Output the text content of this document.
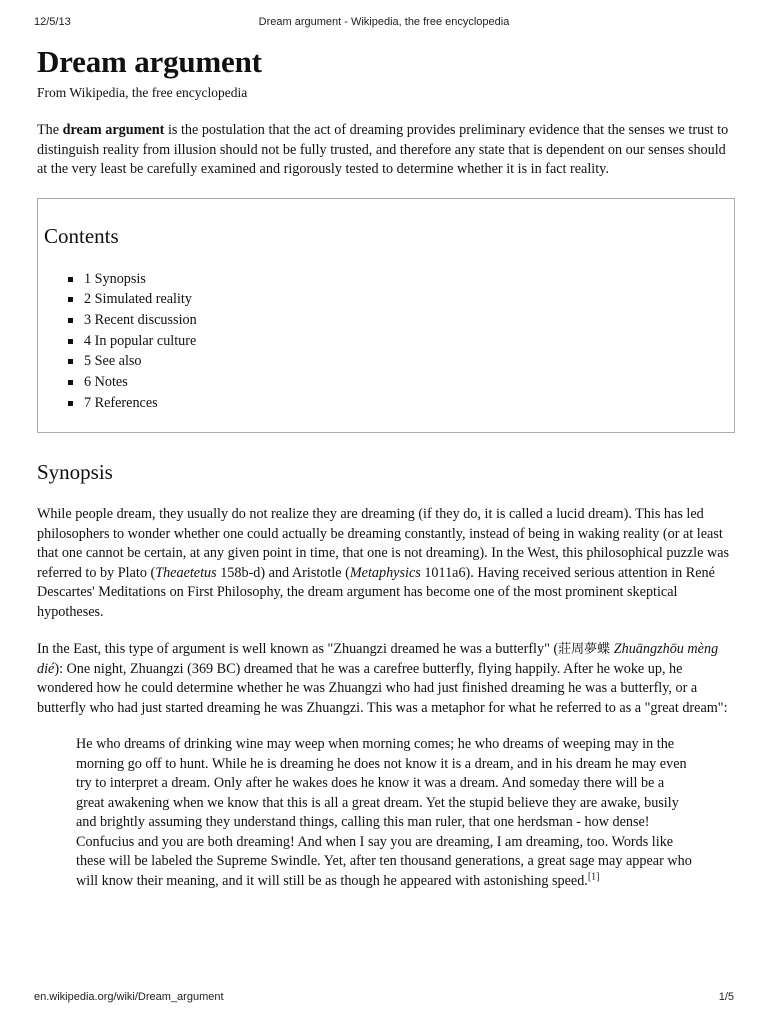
12/5/13	Dream argument - Wikipedia, the free encyclopedia
Dream argument
From Wikipedia, the free encyclopedia

The dream argument is the postulation that the act of dreaming provides preliminary evidence that the senses we trust to distinguish reality from illusion should not be fully trusted, and therefore any state that is dependent on our senses should at the very least be carefully examined and rigorously tested to determine whether it is in fact reality.

Contents
1 Synopsis
2 Simulated reality
3 Recent discussion
4 In popular culture
5 See also
6 Notes
7 References
Synopsis

While people dream, they usually do not realize they are dreaming (if they do, it is called a lucid dream). This has led philosophers to wonder whether one could actually be dreaming constantly, instead of being in waking reality (or at least that one cannot be certain, at any given point in time, that one is not dreaming). In the West, this philosophical puzzle was referred to by Plato (Theaetetus 158b-d) and Aristotle (Metaphysics 1011a6). Having received serious attention in René Descartes' Meditations on First Philosophy, the dream argument has become one of the most prominent skeptical hypotheses.

In the East, this type of argument is well known as "Zhuangzi dreamed he was a butterfly" (莊周夢蝶 Zhuāngzhōu mèng dié): One night, Zhuangzi (369 BC) dreamed that he was a carefree butterfly, flying happily. After he woke up, he wondered how he could determine whether he was Zhuangzi who had just finished dreaming he was a butterfly, or a butterfly who had just started dreaming he was Zhuangzi. This was a metaphor for what he referred to as a "great dream":

He who dreams of drinking wine may weep when morning comes; he who dreams of weeping may in the morning go off to hunt. While he is dreaming he does not know it is a dream, and in his dream he may even try to interpret a dream. Only after he wakes does he know it was a dream. And someday there will be a great awakening when we know that this is all a great dream. Yet the stupid believe they are awake, busily and brightly assuming they understand things, calling this man ruler, that one herdsman - how dense! Confucius and you are both dreaming! And when I say you are dreaming, I am dreaming, too. Words like these will be labeled the Supreme Swindle. Yet, after ten thousand generations, a great sage may appear who will know their meaning, and it will still be as though he appeared with astonishing speed.[1]
en.wikipedia.org/wiki/Dream_argument	1/5
